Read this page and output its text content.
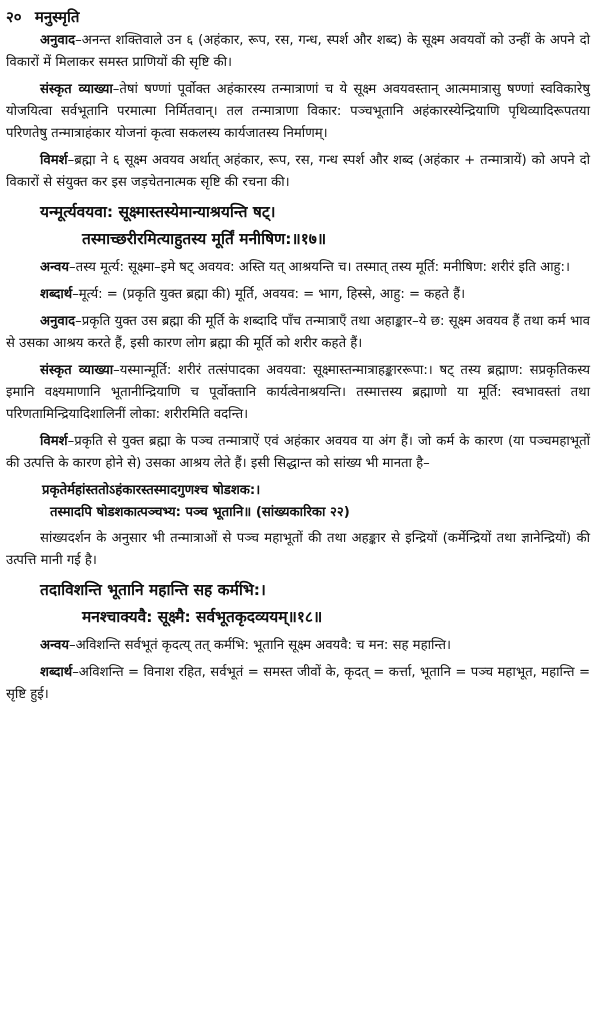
२० मनुस्मृति

अनुवाद–अनन्त शक्तिवाले उन ६ (अहंकार, रूप, रस, गन्ध, स्पर्श और शब्द) के सूक्ष्म अवयवों को उन्हीं के अपने दो विकारों में मिलाकर समस्त प्राणियों की सृष्टि की।

संस्कृत व्याख्या–तेषां षण्णां पूर्वोक्त अहंकारस्य तन्मात्राणां च ये सूक्ष्म अवयवस्तान् आत्ममात्रासु षण्णां स्वविकारेषु योजयित्वा सर्वभूतानि परमात्मा निर्मितवान्। तल तन्मात्राणा विकार: पञ्चभूतानि अहंकारस्येन्द्रियाणि पृथिव्यादिरूपतया परिणतेषु तन्मात्राहंकार योजनां कृत्वा सकलस्य कार्यजातस्य निर्माणम्।

विमर्श–ब्रह्मा ने ६ सूक्ष्म अवयव अर्थात् अहंकार, रूप, रस, गन्ध स्पर्श और शब्द (अहंकार + तन्मात्रायें) को अपने दो विकारों से संयुक्त कर इस जड़चेतनात्मक सृष्टि की रचना की।

यन्मूर्त्यवयवा: सूक्ष्मास्तस्येमान्याश्रयन्ति षट्।
तस्माच्छरीरमित्याहुतस्य मूर्तिं मनीषिण:॥१७॥

अन्वय–तस्य मूर्त्य: सूक्ष्मा–इमे षट् अवयव: अस्ति यत् आश्रयन्ति च। तस्मात् तस्य मूर्ति: मनीषिण: शरीरं इति आहु:।

शब्दार्थ–मूर्त्य: = (प्रकृति युक्त ब्रह्मा की) मूर्ति, अवयव: = भाग, हिस्से, आहु: = कहते हैं।

अनुवाद–प्रकृति युक्त उस ब्रह्मा की मूर्ति के शब्दादि पाँच तन्मात्राएँ तथा अहाङ्कार–ये छ: सूक्ष्म अवयव हैं तथा कर्म भाव से उसका आश्रय करते हैं, इसी कारण लोग ब्रह्मा की मूर्ति को शरीर कहते हैं।

संस्कृत व्याख्या–यस्मान्मूर्ति: शरीरं तत्संपादका अवयवा: सूक्ष्मास्तन्मात्राहङ्काररूपा:। षट् तस्य ब्रह्माण: सप्रकृतिकस्य इमानि वक्ष्यमाणानि भूतानीन्द्रियाणि च पूर्वोक्तानि कार्यत्वेनाश्रयन्ति। तस्मात्तस्य ब्रह्माणो या मूर्ति: स्वभावस्तां तथा परिणतामिन्द्रियादिशालिनीं लोका: शरीरमिति वदन्ति।

विमर्श–प्रकृति से युक्त ब्रह्मा के पञ्च तन्मात्राऐं एवं अहंकार अवयव या अंग हैं। जो कर्म के कारण (या पञ्चमहाभूतों की उत्पत्ति के कारण होने से) उसका आश्रय लेते हैं। इसी सिद्धान्त को सांख्य भी मानता है–

प्रकृतेर्महांस्ततोऽहंकारस्तस्मादगुणश्च षोडशक:।
तस्मादपि षोडशकात्पञ्चभ्य: पञ्च भूतानि॥ (सांख्यकारिका २२)

सांख्यदर्शन के अनुसार भी तन्मात्राओं से पञ्च महाभूतों की तथा अहङ्कार से इन्द्रियों (कर्मेन्द्रियों तथा ज्ञानेन्द्रियों) की उत्पत्ति मानी गई है।

तदाविशन्ति भूतानि महान्ति सह कर्मभि:।
मनश्चाक्यवै: सूक्ष्मै: सर्वभूतकृदव्ययम्॥१८॥

अन्वय–अविशन्ति सर्वभूतं कृदत्य् तत् कर्मभि: भूतानि सूक्ष्म अवयवै: च मन: सह महान्ति।

शब्दार्थ–अविशन्ति = विनाश रहित, सर्वभूतं = समस्त जीवों के, कृदत् = कर्त्ता, भूतानि = पञ्च महाभूत, महान्ति = सृष्टि हुई।
